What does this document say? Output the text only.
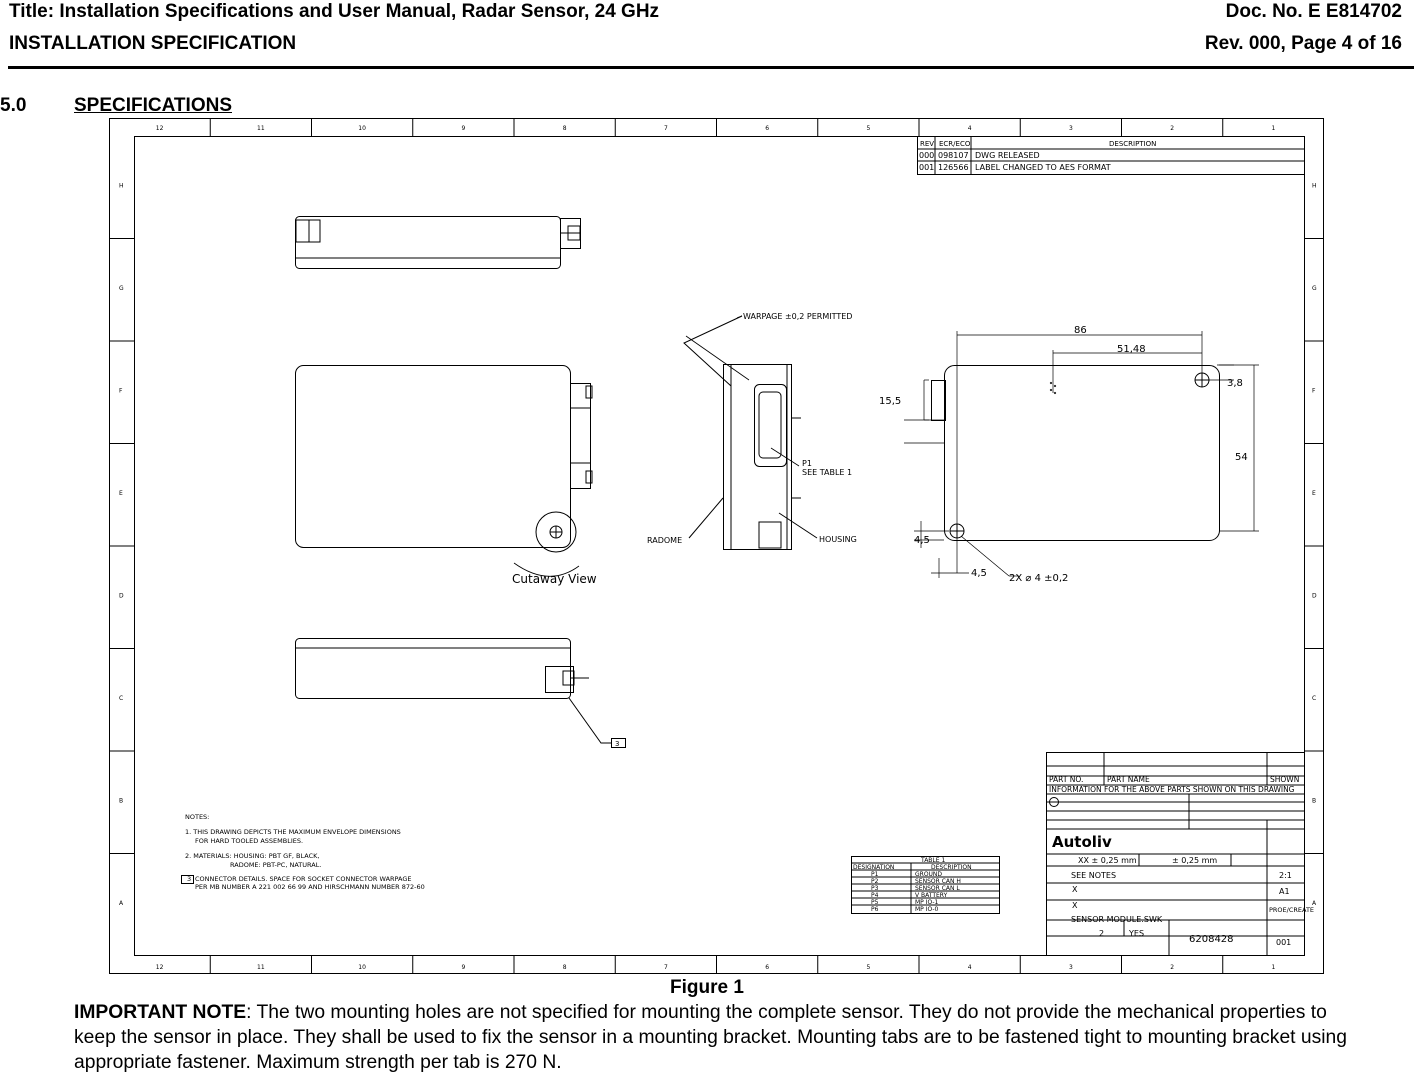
Title: Installation Specifications and User Manual, Radar Sensor, 24 GHz	Doc. No. E E814702
INSTALLATION SPECIFICATION	Rev. 000, Page 4 of 16
5.0	SPECIFICATIONS
12
12
11
11
10
10
9
9
8
8
7
7
6
6
5
5
4
4
3
3
2
2
1
1
H	H
G	G
F	F
E	E
D	D
C	C
B	B
A	A
REV ECR/ECO	DESCRIPTION
000 098107 DWG RELEASED
001 126566 LABEL CHANGED TO AES FORMAT
Cutaway View
3
WARPAGE ±0,2 PERMITTED
P1
SEE TABLE 1
RADOME	HOUSING
86
51,48
15,5
3,8
54
4,5
4,5 2X ⌀ 4 ±0,2
NOTES:
1. THIS DRAWING DEPICTS THE MAXIMUM ENVELOPE DIMENSIONS
FOR HARD TOOLED ASSEMBLIES.
2. MATERIALS: HOUSING: PBT GF, BLACK,
RADOME: PBT-PC, NATURAL.
3 CONNECTOR DETAILS. SPACE FOR SOCKET CONNECTOR WARPAGE
PER MB NUMBER A 221 002 66 99 AND HIRSCHMANN NUMBER 872-60
TABLE 1
DESIGNATION	DESCRIPTION
P1	GROUND
P2	SENSOR CAN H
P3	SENSOR CAN L
P4	V BATTERY
P5	MP IO-1
P6	MP IO-0
PART NO.	PART NAME	SHOWN
INFORMATION FOR THE ABOVE PARTS SHOWN ON THIS DRAWING
Autoliv
XX ± 0,25 mm	± 0,25 mm
SEE NOTES	2:1
X	A1
X	PROE/CREATE
SENSOR MODULE.SWK
2	YES
6208428	001
Figure 1
IMPORTANT NOTE: The two mounting holes are not specified for mounting the complete sensor. They do not provide the mechanical properties to keep the sensor in place. They shall be used to fix the sensor in a mounting bracket. Mounting tabs are to be fastened tight to mounting bracket using appropriate fastener. Maximum strength per tab is 270 N.
